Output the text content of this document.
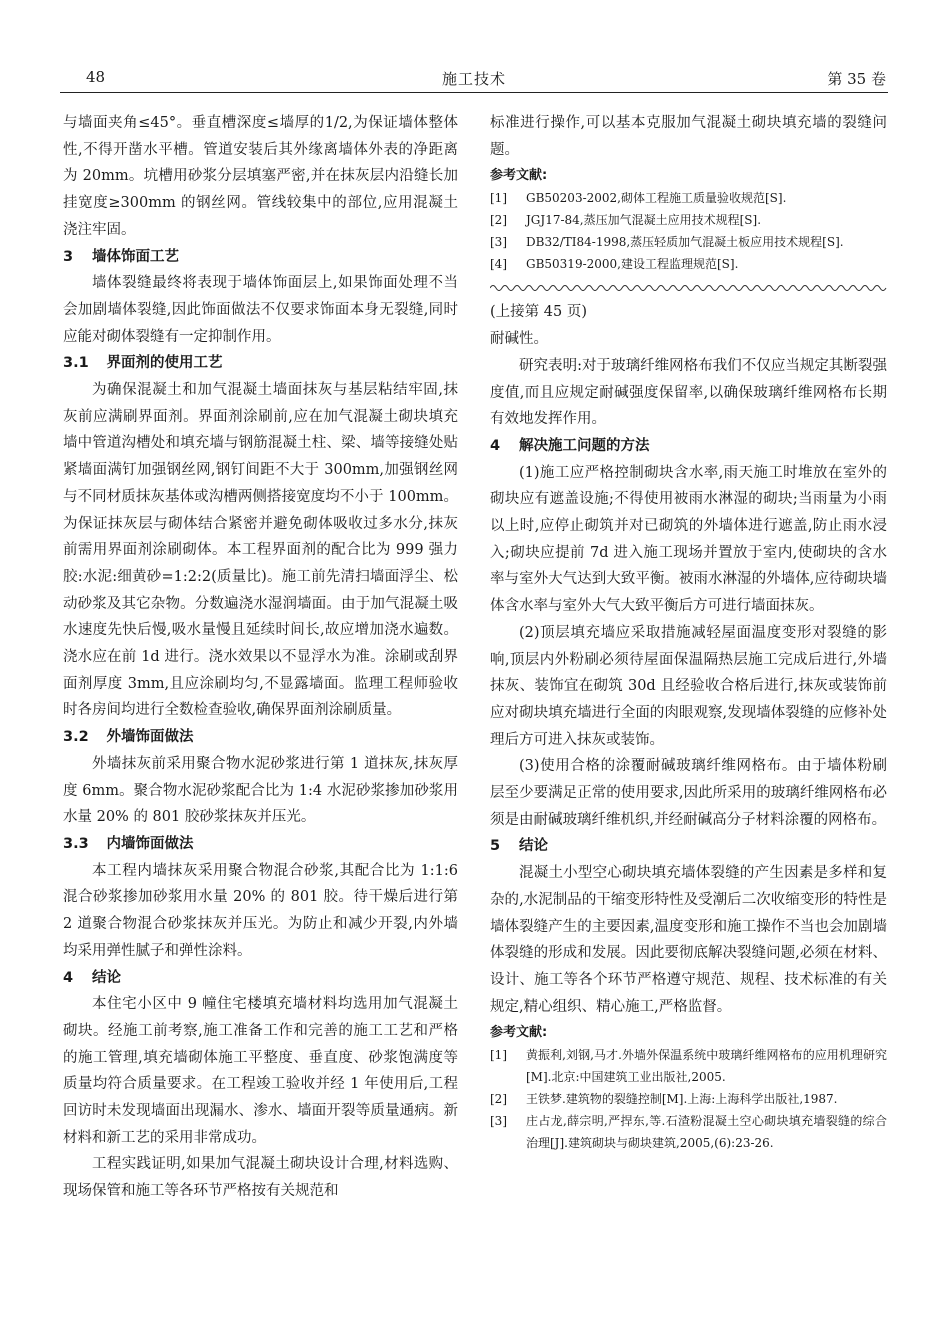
48	施工技术	第 35 卷

与墙面夹角≤45°。垂直槽深度≤墙厚的1/2,为保证墙体整体性,不得开凿水平槽。管道安装后其外缘离墙体外表的净距离为 20mm。坑槽用砂浆分层填塞严密,并在抹灰层内沿缝长加挂宽度≥300mm 的钢丝网。管线较集中的部位,应用混凝土浇注牢固。

3 墙体饰面工艺

墙体裂缝最终将表现于墙体饰面层上,如果饰面处理不当会加剧墙体裂缝,因此饰面做法不仅要求饰面本身无裂缝,同时应能对砌体裂缝有一定抑制作用。

3.1 界面剂的使用工艺

为确保混凝土和加气混凝土墙面抹灰与基层粘结牢固,抹灰前应满刷界面剂。界面剂涂刷前,应在加气混凝土砌块填充墙中管道沟槽处和填充墙与钢筋混凝土柱、梁、墙等接缝处贴紧墙面满钉加强钢丝网,钢钉间距不大于 300mm,加强钢丝网与不同材质抹灰基体或沟槽两侧搭接宽度均不小于 100mm。为保证抹灰层与砌体结合紧密并避免砌体吸收过多水分,抹灰前需用界面剂涂刷砌体。本工程界面剂的配合比为 999 强力胶:水泥:细黄砂=1:2:2(质量比)。施工前先清扫墙面浮尘、松动砂浆及其它杂物。分数遍浇水湿润墙面。由于加气混凝土吸水速度先快后慢,吸水量慢且延续时间长,故应增加浇水遍数。浇水应在前 1d 进行。浇水效果以不显浮水为准。涂刷或刮界面剂厚度 3mm,且应涂刷均匀,不显露墙面。监理工程师验收时各房间均进行全数检查验收,确保界面剂涂刷质量。

3.2 外墙饰面做法

外墙抹灰前采用聚合物水泥砂浆进行第 1 道抹灰,抹灰厚度 6mm。聚合物水泥砂浆配合比为 1:4 水泥砂浆掺加砂浆用水量 20% 的 801 胶砂浆抹灰并压光。

3.3 内墙饰面做法

本工程内墙抹灰采用聚合物混合砂浆,其配合比为 1:1:6 混合砂浆掺加砂浆用水量 20% 的 801 胶。待干燥后进行第 2 道聚合物混合砂浆抹灰并压光。为防止和减少开裂,内外墙均采用弹性腻子和弹性涂料。

4 结论

本住宅小区中 9 幢住宅楼填充墙材料均选用加气混凝土砌块。经施工前考察,施工准备工作和完善的施工工艺和严格的施工管理,填充墙砌体施工平整度、垂直度、砂浆饱满度等质量均符合质量要求。在工程竣工验收并经 1 年使用后,工程回访时未发现墙面出现漏水、渗水、墙面开裂等质量通病。新材料和新工艺的采用非常成功。

工程实践证明,如果加气混凝土砌块设计合理,材料选购、现场保管和施工等各环节严格按有关规范和

标准进行操作,可以基本克服加气混凝土砌块填充墙的裂缝问题。

参考文献:
[1] GB50203-2002,砌体工程施工质量验收规范[S].
[2] JGJ17-84,蒸压加气混凝土应用技术规程[S].
[3] DB32/TI84-1998,蒸压轻质加气混凝土板应用技术规程[S].
[4] GB50319-2000,建设工程监理规范[S].

(上接第 45 页)

耐碱性。

研究表明:对于玻璃纤维网格布我们不仅应当规定其断裂强度值,而且应规定耐碱强度保留率,以确保玻璃纤维网格布长期有效地发挥作用。

4 解决施工问题的方法

(1)施工应严格控制砌块含水率,雨天施工时堆放在室外的砌块应有遮盖设施;不得使用被雨水淋湿的砌块;当雨量为小雨以上时,应停止砌筑并对已砌筑的外墙体进行遮盖,防止雨水浸入;砌块应提前 7d 进入施工现场并置放于室内,使砌块的含水率与室外大气达到大致平衡。被雨水淋湿的外墙体,应待砌块墙体含水率与室外大气大致平衡后方可进行墙面抹灰。

(2)顶层填充墙应采取措施减轻屋面温度变形对裂缝的影响,顶层内外粉刷必须待屋面保温隔热层施工完成后进行,外墙抹灰、装饰宜在砌筑 30d 且经验收合格后进行,抹灰或装饰前应对砌块填充墙进行全面的肉眼观察,发现墙体裂缝的应修补处理后方可进入抹灰或装饰。

(3)使用合格的涂覆耐碱玻璃纤维网格布。由于墙体粉刷层至少要满足正常的使用要求,因此所采用的玻璃纤维网格布必须是由耐碱玻璃纤维机织,并经耐碱高分子材料涂覆的网格布。

5 结论

混凝土小型空心砌块填充墙体裂缝的产生因素是多样和复杂的,水泥制品的干缩变形特性及受潮后二次收缩变形的特性是墙体裂缝产生的主要因素,温度变形和施工操作不当也会加剧墙体裂缝的形成和发展。因此要彻底解决裂缝问题,必须在材料、设计、施工等各个环节严格遵守规范、规程、技术标准的有关规定,精心组织、精心施工,严格监督。

参考文献:
[1] 黄振利,刘钢,马才.外墙外保温系统中玻璃纤维网格布的应用机理研究[M].北京:中国建筑工业出版社,2005.
[2] 王铁梦.建筑物的裂缝控制[M].上海:上海科学出版社,1987.
[3] 庄占龙,薛宗明,严捍东,等.石渣粉混凝土空心砌块填充墙裂缝的综合治理[J].建筑砌块与砌块建筑,2005,(6):23-26.
